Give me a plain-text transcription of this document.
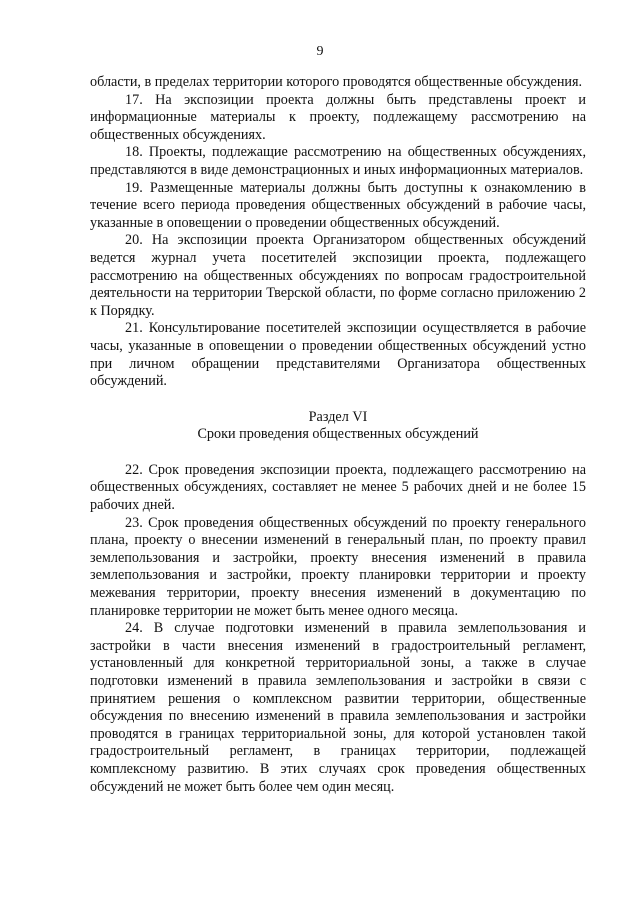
9

области, в пределах территории которого проводятся общественные обсуждения.

17. На экспозиции проекта должны быть представлены проект и информационные материалы к проекту, подлежащему рассмотрению на общественных обсуждениях.

18. Проекты, подлежащие рассмотрению на общественных обсуждениях, представляются в виде демонстрационных и иных информационных материалов.

19. Размещенные материалы должны быть доступны к ознакомлению в течение всего периода проведения общественных обсуждений в рабочие часы, указанные в оповещении о проведении общественных обсуждений.

20. На экспозиции проекта Организатором общественных обсуждений ведется журнал учета посетителей экспозиции проекта, подлежащего рассмотрению на общественных обсуждениях по вопросам градостроительной деятельности на территории Тверской области, по форме согласно приложению 2 к Порядку.

21. Консультирование посетителей экспозиции осуществляется в рабочие часы, указанные в оповещении о проведении общественных обсуждений устно при личном обращении представителями Организатора общественных обсуждений.

Раздел VI
Сроки проведения общественных обсуждений

22. Срок проведения экспозиции проекта, подлежащего рассмотрению на общественных обсуждениях, составляет не менее 5 рабочих дней и не более 15 рабочих дней.

23. Срок проведения общественных обсуждений по проекту генерального плана, проекту о внесении изменений в генеральный план, по проекту правил землепользования и застройки, проекту внесения изменений в правила землепользования и застройки, проекту планировки территории и проекту межевания территории, проекту внесения изменений в документацию по планировке территории не может быть менее одного месяца.

24. В случае подготовки изменений в правила землепользования и застройки в части внесения изменений в градостроительный регламент, установленный для конкретной территориальной зоны, а также в случае подготовки изменений в правила землепользования и застройки в связи с принятием решения о комплексном развитии территории, общественные обсуждения по внесению изменений в правила землепользования и застройки проводятся в границах территориальной зоны, для которой установлен такой градостроительный регламент, в границах территории, подлежащей комплексному развитию. В этих случаях срок проведения общественных обсуждений не может быть более чем один месяц.
